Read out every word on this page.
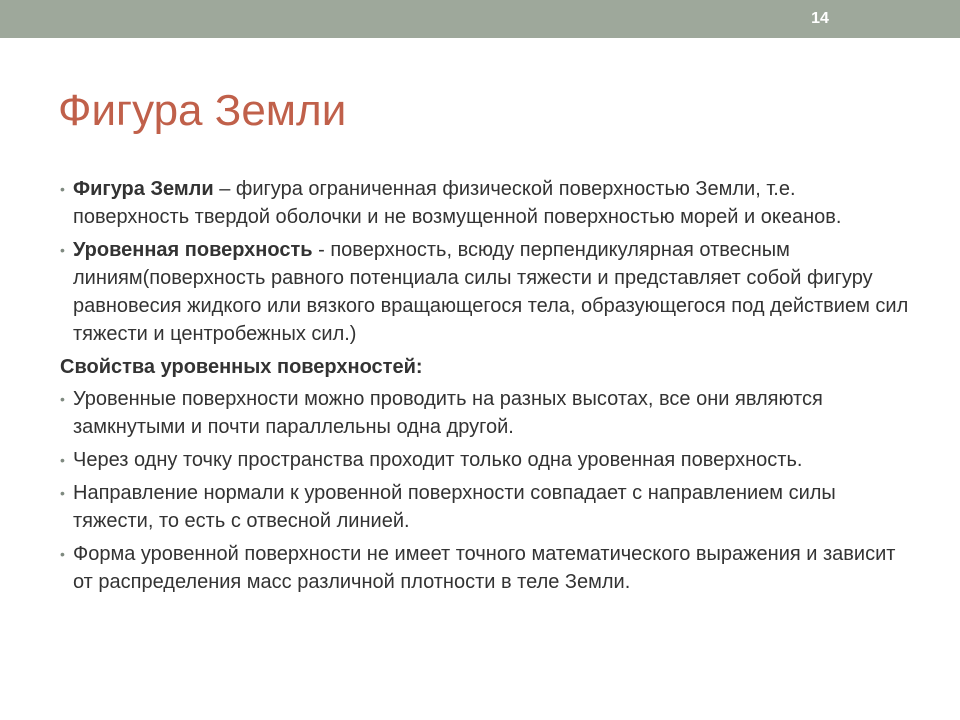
14
Фигура Земли
• Фигура Земли – фигура ограниченная физической поверхностью Земли, т.е. поверхность твердой оболочки и не возмущенной поверхностью морей и океанов.
• Уровенная поверхность - поверхность, всюду перпендикулярная отвесным линиям(поверхность равного потенциала силы тяжести и представляет собой фигуру равновесия жидкого или вязкого вращающегося тела, образующегося под действием сил тяжести и центробежных сил.)
Свойства уровенных поверхностей:
• Уровенные поверхности можно проводить на разных высотах, все они являются замкнутыми и почти параллельны одна другой.
• Через одну точку пространства проходит только одна уровенная поверхность.
• Направление нормали к уровенной поверхности совпадает с направлением силы тяжести, то есть с отвесной линией.
• Форма уровенной поверхности не имеет точного математического выражения и зависит от распределения масс различной плотности в теле Земли.
